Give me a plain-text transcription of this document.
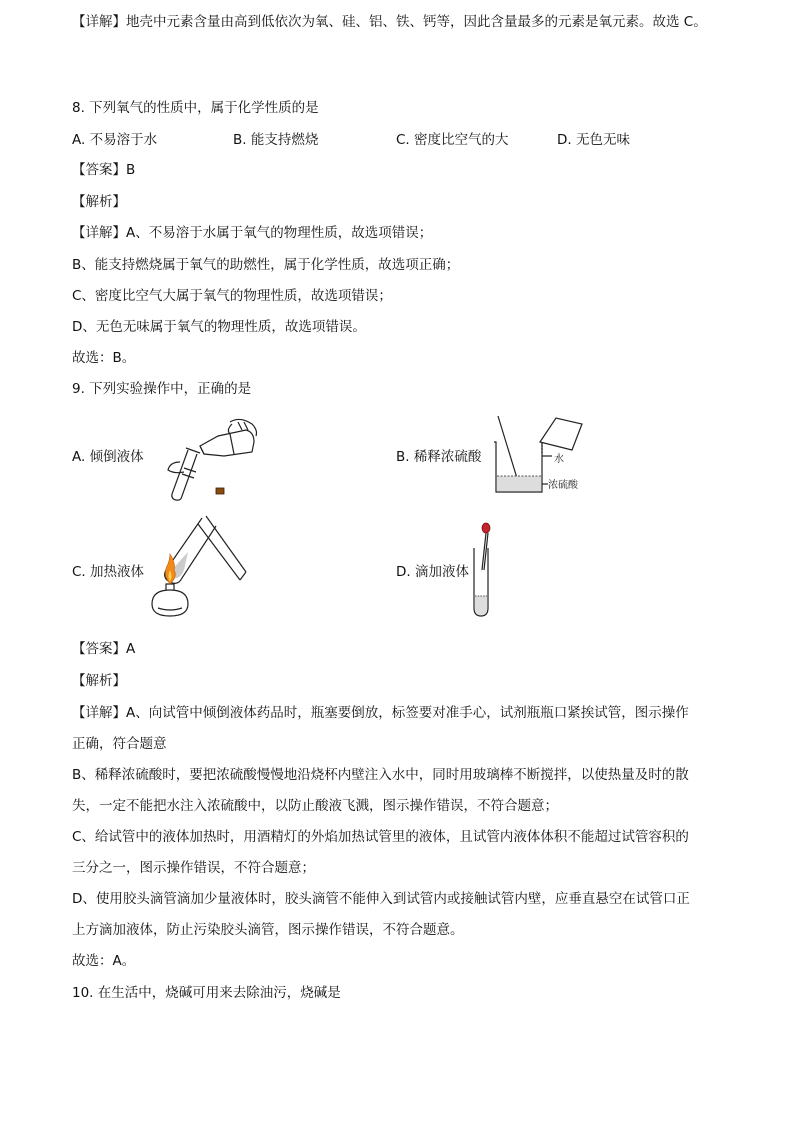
【详解】地壳中元素含量由高到低依次为氧、硅、铝、铁、钙等，因此含量最多的元素是氧元素。故选 C。
8. 下列氧气的性质中，属于化学性质的是
A. 不易溶于水	B. 能支持燃烧	C. 密度比空气的大	D. 无色无味
【答案】B
【解析】
【详解】A、不易溶于水属于氧气的物理性质，故选项错误；
B、能支持燃烧属于氧气的助燃性，属于化学性质，故选项正确；
C、密度比空气大属于氧气的物理性质，故选项错误；
D、无色无味属于氧气的物理性质，故选项错误。
故选：B。
9. 下列实验操作中，正确的是
A. 倾倒液体	B. 稀释浓硫酸	水
浓硫酸
C. 加热液体	D. 滴加液体
【答案】A
【解析】
【详解】A、向试管中倾倒液体药品时，瓶塞要倒放，标签要对准手心，试剂瓶瓶口紧挨试管，图示操作
正确，符合题意
B、稀释浓硫酸时，要把浓硫酸慢慢地沿烧杯内壁注入水中，同时用玻璃棒不断搅拌，以使热量及时的散
失，一定不能把水注入浓硫酸中，以防止酸液飞溅，图示操作错误，不符合题意；
C、给试管中的液体加热时，用酒精灯的外焰加热试管里的液体，且试管内液体体积不能超过试管容积的
三分之一，图示操作错误，不符合题意；
D、使用胶头滴管滴加少量液体时，胶头滴管不能伸入到试管内或接触试管内壁，应垂直悬空在试管口正
上方滴加液体，防止污染胶头滴管，图示操作错误，不符合题意。
故选：A。
10. 在生活中，烧碱可用来去除油污，烧碱是
